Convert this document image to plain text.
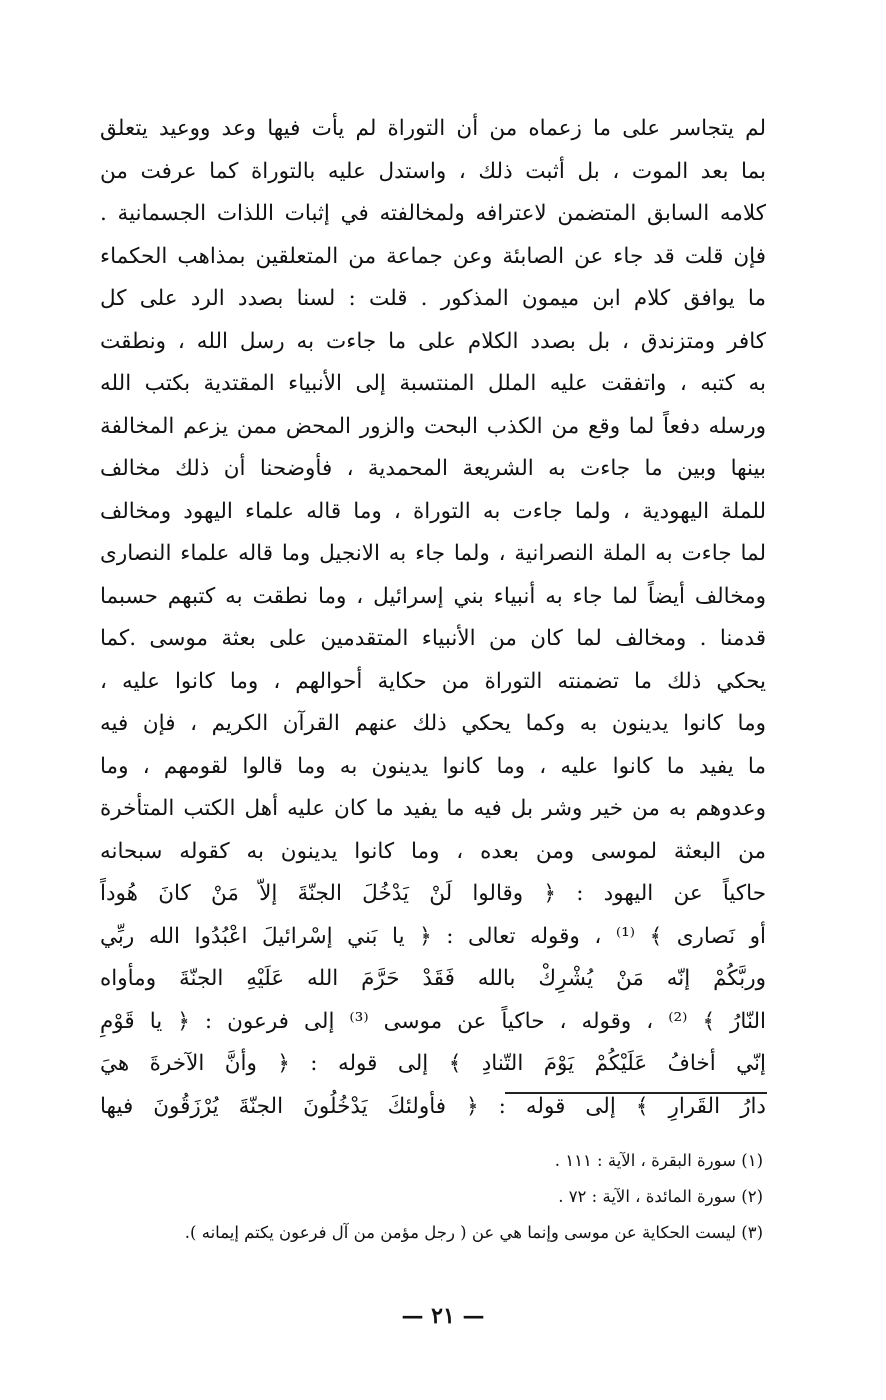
لم يتجاسر على ما زعماه من أن التوراة لم يأت فيها وعد ووعيد يتعلق
بما بعد الموت ، بل أثبت ذلك ، واستدل عليه بالتوراة كما عرفت من
كلامه السابق المتضمن لاعترافه ولمخالفته في إثبات اللذات الجسمانية .
فإن قلت قد جاء عن الصابئة وعن جماعة من المتعلقين بمذاهب الحكماء
ما يوافق كلام ابن ميمون المذكور . قلت : لسنا بصدد الرد على كل
كافر ومتزندق ، بل بصدد الكلام على ما جاءت به رسل الله ، ونطقت
به كتبه ، واتفقت عليه الملل المنتسبة إلى الأنبياء المقتدية بكتب الله
ورسله دفعاً لما وقع من الكذب البحت والزور المحض ممن يزعم المخالفة
بينها وبين ما جاءت به الشريعة المحمدية ، فأوضحنا أن ذلك مخالف
للملة اليهودية ، ولما جاءت به التوراة ، وما قاله علماء اليهود ومخالف
لما جاءت به الملة النصرانية ، ولما جاء به الانجيل وما قاله علماء النصارى
ومخالف أيضاً لما جاء به أنبياء بني إسرائيل ، وما نطقت به كتبهم حسبما
قدمنا . ومخالف لما كان من الأنبياء المتقدمين على بعثة موسى .كما
يحكي ذلك ما تضمنته التوراة من حكاية أحوالهم ، وما كانوا عليه ،
وما كانوا يدينون به وكما يحكي ذلك عنهم القرآن الكريم ، فإن فيه
ما يفيد ما كانوا عليه ، وما كانوا يدينون به وما قالوا لقومهم ، وما
وعدوهم به من خير وشر بل فيه ما يفيد ما كان عليه أهل الكتب المتأخرة
من البعثة لموسى ومن بعده ، وما كانوا يدينون به كقوله سبحانه
حاكياً عن اليهود : ﴿ وقالوا لَنْ يَدْخُلَ الجنّةَ إلاّ مَنْ كانَ هُوداً
أو نَصارى ﴾ ⁽¹⁾ ، وقوله تعالى : ﴿ يا بَني إسْرائيلَ اعْبُدُوا الله ربِّي
وربَّكُمْ إنّه مَنْ يُشْرِكْ بالله فَقَدْ حَرَّمَ الله عَلَيْهِ الجنّةَ ومأواه
النّارُ ﴾ ⁽²⁾ ، وقوله ، حاكياً عن موسى ⁽³⁾ إلى فرعون : ﴿ يا قَوْمِ
إنّي أخافُ عَلَيْكُمْ يَوْمَ التّنادِ ﴾ إلى قوله : ﴿ وأنَّ الآخرةَ هيَ
دارُ القَرارِ ﴾ إلى قوله : ﴿ فأولئكَ يَدْخُلُونَ الجنّةَ يُرْزَقُونَ فيها
(١) سورة البقرة ، الآية : ١١١ .
(٢) سورة المائدة ، الآية : ٧٢ .
(٣) ليست الحكاية عن موسى وإنما هي عن ( رجل مؤمن من آل فرعون يكتم إيمانه ).
— ٢١ —
